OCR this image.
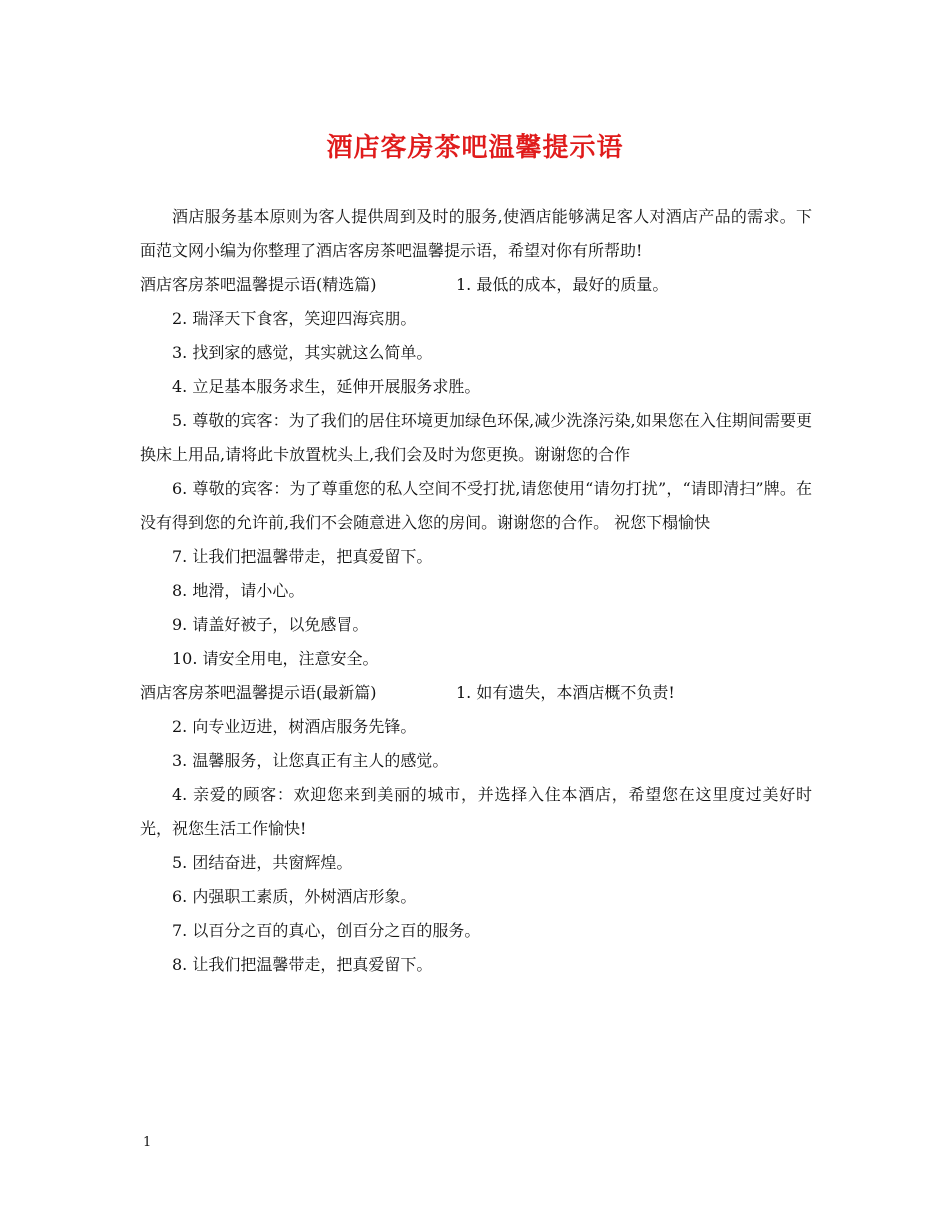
酒店客房茶吧温馨提示语

酒店服务基本原则为客人提供周到及时的服务,使酒店能够满足客人对酒店产品的需求。下面范文网小编为你整理了酒店客房茶吧温馨提示语，希望对你有所帮助!

酒店客房茶吧温馨提示语(精选篇)	1. 最低的成本，最好的质量。

2. 瑞泽天下食客，笑迎四海宾朋。

3. 找到家的感觉，其实就这么简单。

4. 立足基本服务求生，延伸开展服务求胜。

5. 尊敬的宾客：为了我们的居住环境更加绿色环保,减少洗涤污染,如果您在入住期间需要更换床上用品,请将此卡放置枕头上,我们会及时为您更换。谢谢您的合作

6. 尊敬的宾客：为了尊重您的私人空间不受打扰,请您使用“请勿打扰”，“请即清扫”牌。在没有得到您的允许前,我们不会随意进入您的房间。谢谢您的合作。 祝您下榻愉快

7. 让我们把温馨带走，把真爱留下。

8. 地滑，请小心。

9. 请盖好被子，以免感冒。

10. 请安全用电，注意安全。

酒店客房茶吧温馨提示语(最新篇)	1. 如有遗失，本酒店概不负责!

2. 向专业迈进，树酒店服务先锋。

3. 温馨服务，让您真正有主人的感觉。

4. 亲爱的顾客：欢迎您来到美丽的城市，并选择入住本酒店，希望您在这里度过美好时光，祝您生活工作愉快!

5. 团结奋进，共窗辉煌。

6. 内强职工素质，外树酒店形象。

7. 以百分之百的真心，创百分之百的服务。

8. 让我们把温馨带走，把真爱留下。

1
